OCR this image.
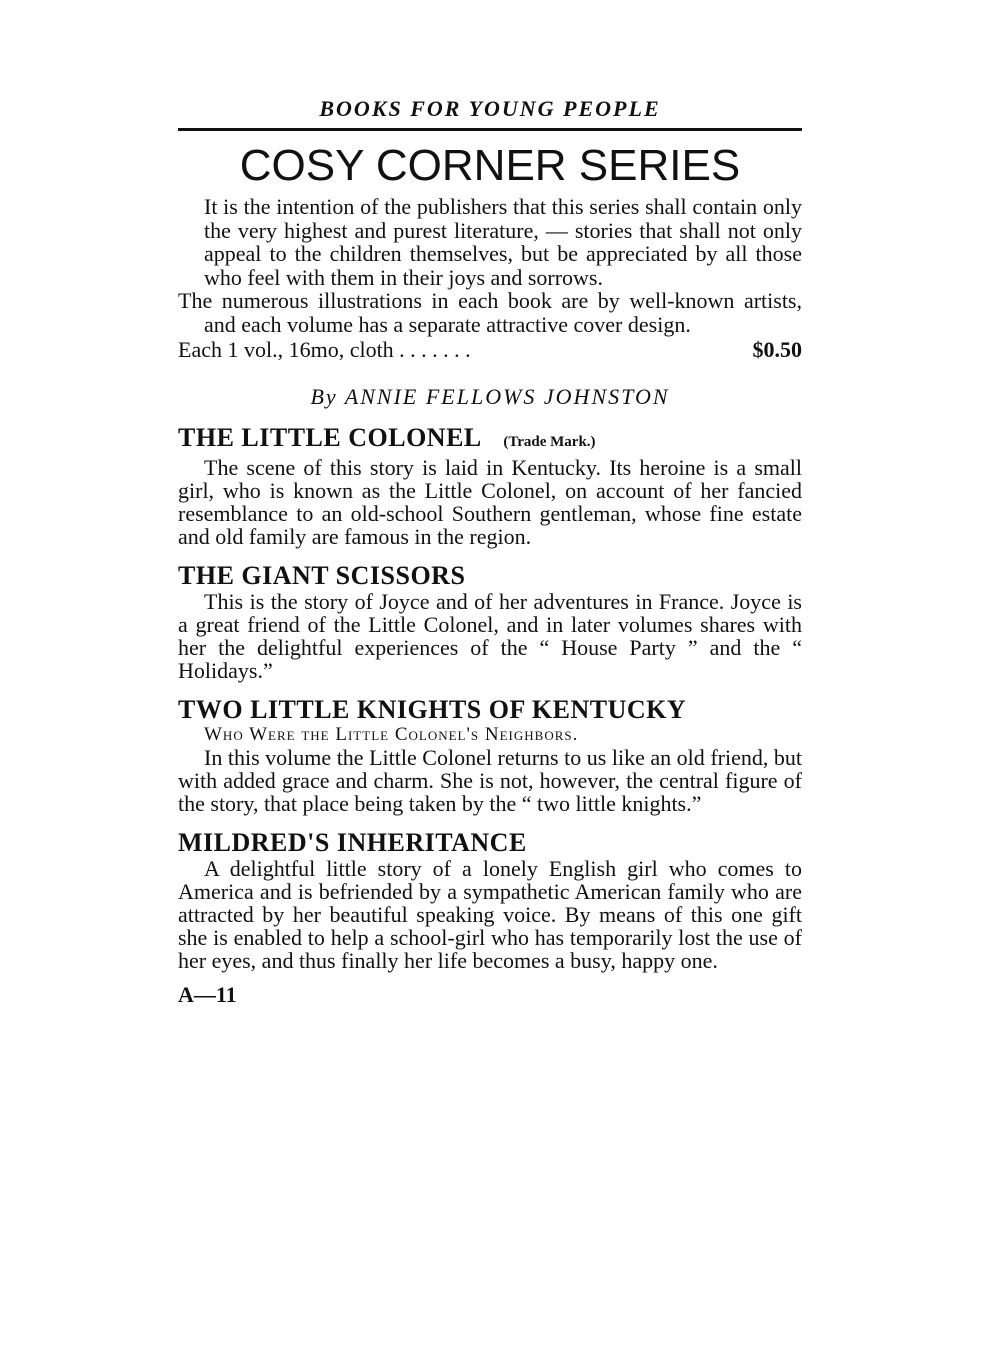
BOOKS FOR YOUNG PEOPLE
COSY CORNER SERIES

It is the intention of the publishers that this series shall contain only the very highest and purest literature, — stories that shall not only appeal to the children themselves, but be appreciated by all those who feel with them in their joys and sorrows.

The numerous illustrations in each book are by well-known artists, and each volume has a separate attractive cover design.

Each 1 vol., 16mo, cloth . . . . . . .	$0.50
By ANNIE FELLOWS JOHNSTON
THE LITTLE COLONEL (Trade Mark.)

The scene of this story is laid in Kentucky. Its heroine is a small girl, who is known as the Little Colonel, on account of her fancied resemblance to an old-school Southern gentleman, whose fine estate and old family are famous in the region.

THE GIANT SCISSORS

This is the story of Joyce and of her adventures in France. Joyce is a great friend of the Little Colonel, and in later volumes shares with her the delightful experiences of the “ House Party ” and the “ Holidays.”

TWO LITTLE KNIGHTS OF KENTUCKY
Who Were the Little Colonel's Neighbors.

In this volume the Little Colonel returns to us like an old friend, but with added grace and charm. She is not, however, the central figure of the story, that place being taken by the “ two little knights.”

MILDRED'S INHERITANCE

A delightful little story of a lonely English girl who comes to America and is befriended by a sympathetic American family who are attracted by her beautiful speaking voice. By means of this one gift she is enabled to help a school-girl who has temporarily lost the use of her eyes, and thus finally her life becomes a busy, happy one.

A—11
